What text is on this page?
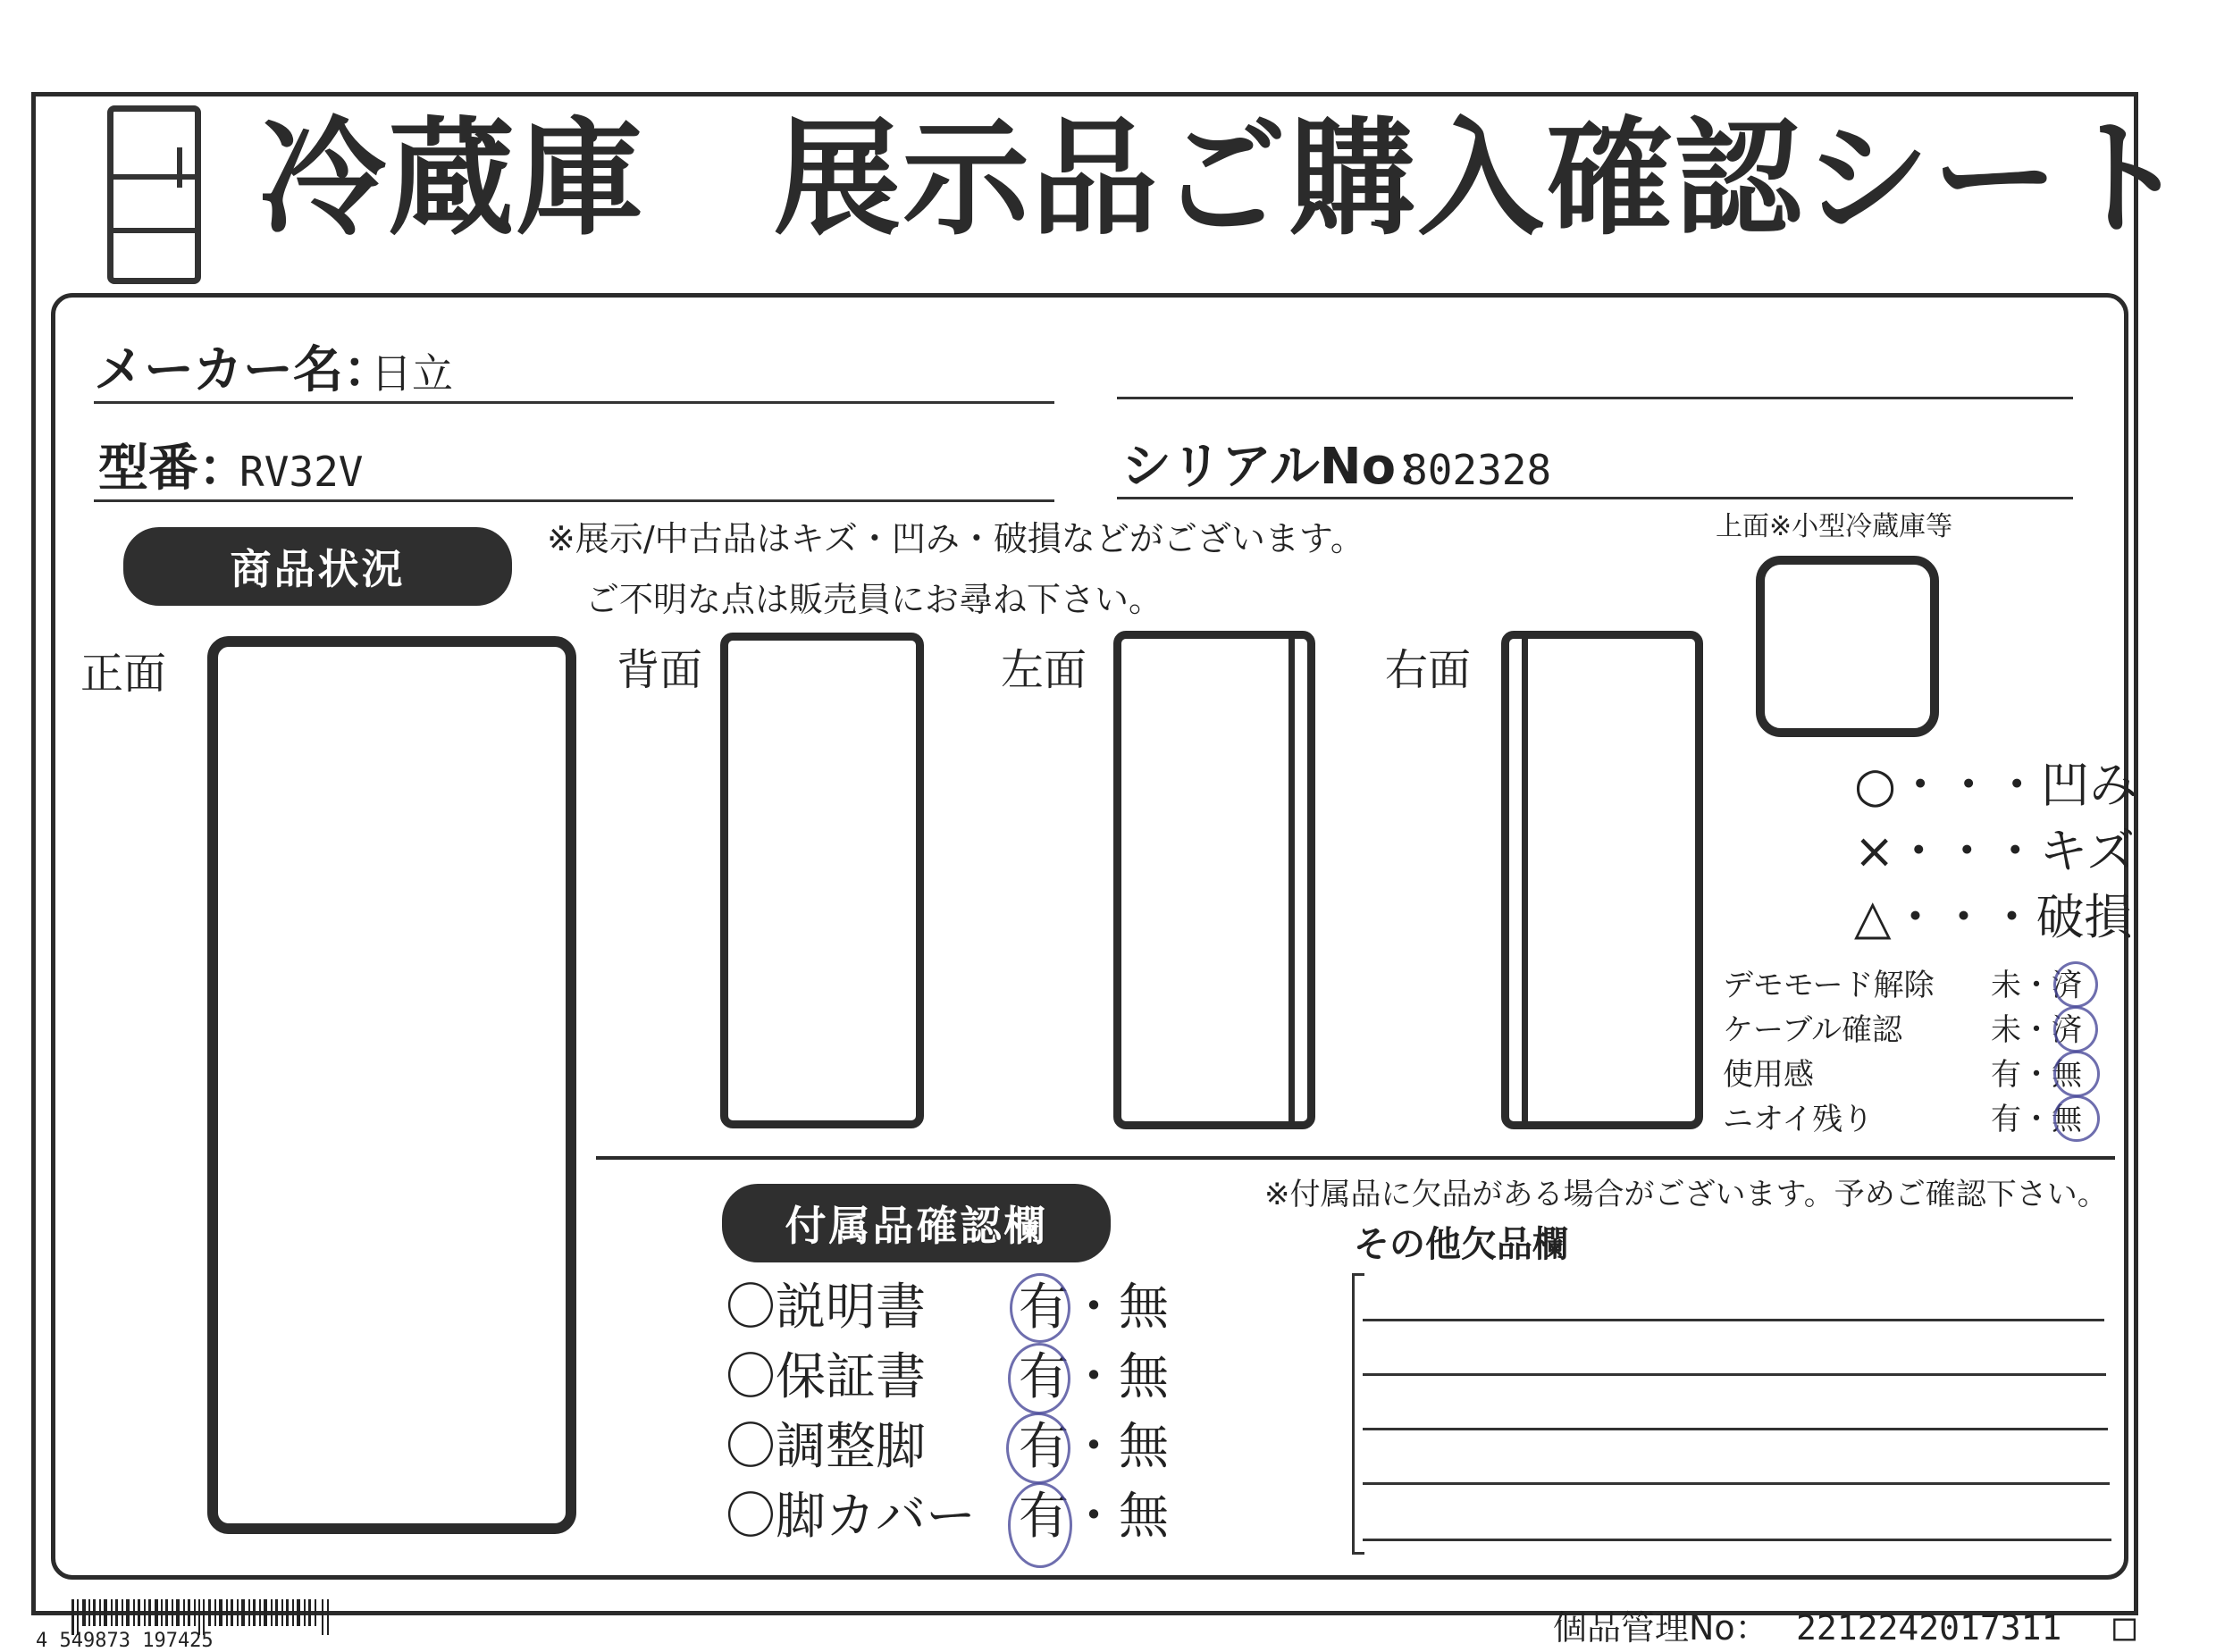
冷蔵庫　展示品ご購入確認シート
メーカー名：
日立
型番：
RV32V	シリアルNo：
802328
商品状況
※展示/中古品はキズ・凹み・破損などがございます。
ご不明な点は販売員にお尋ね下さい。
上面※小型冷蔵庫等
正面	背面	左面	右面
○・・・凹み
×・・・キズ
△・・・破損
デモモード解除 未・済
ケーブル確認	未・済
使用感	有・無
ニオイ残り	有・無
付属品確認欄
※付属品に欠品がある場合がございます。予めご確認下さい。
その他欠品欄
〇説明書 有・無
〇保証書 有・無
〇調整脚 有・無
〇脚カバー 有・無
4 549873 197425	個品管理No： 2212242017311 □
